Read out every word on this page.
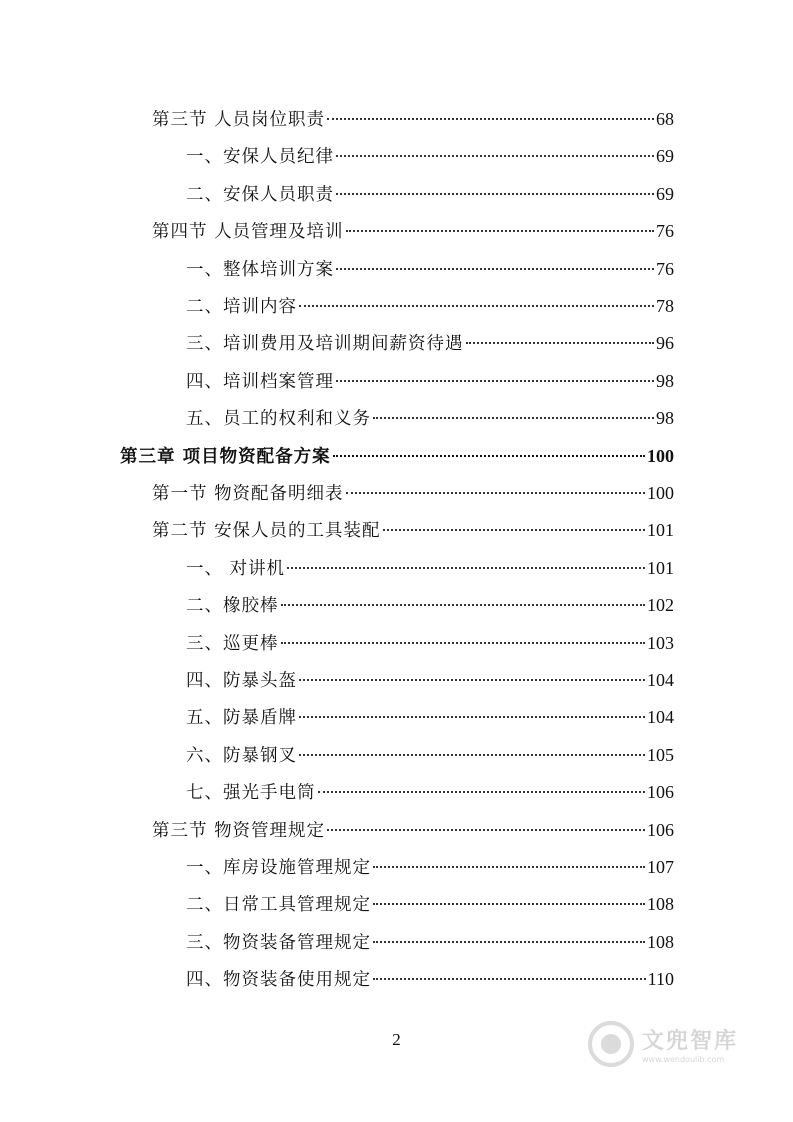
第三节 人员岗位职责	68
一、安保人员纪律	69
二、安保人员职责	69
第四节 人员管理及培训	76
一、整体培训方案	76
二、培训内容	78
三、培训费用及培训期间薪资待遇	96
四、培训档案管理	98
五、员工的权利和义务	98
第三章 项目物资配备方案	100
第一节 物资配备明细表	100
第二节 安保人员的工具装配	101
一、 对讲机	101
二、橡胶棒	102
三、巡更棒	103
四、防暴头盔	104
五、防暴盾牌	104
六、防暴钢叉	105
七、强光手电筒	106
第三节 物资管理规定	106
一、库房设施管理规定	107
二、日常工具管理规定	108
三、物资装备管理规定	108
四、物资装备使用规定	110
2	文兜智库
www.wendoulib.com
